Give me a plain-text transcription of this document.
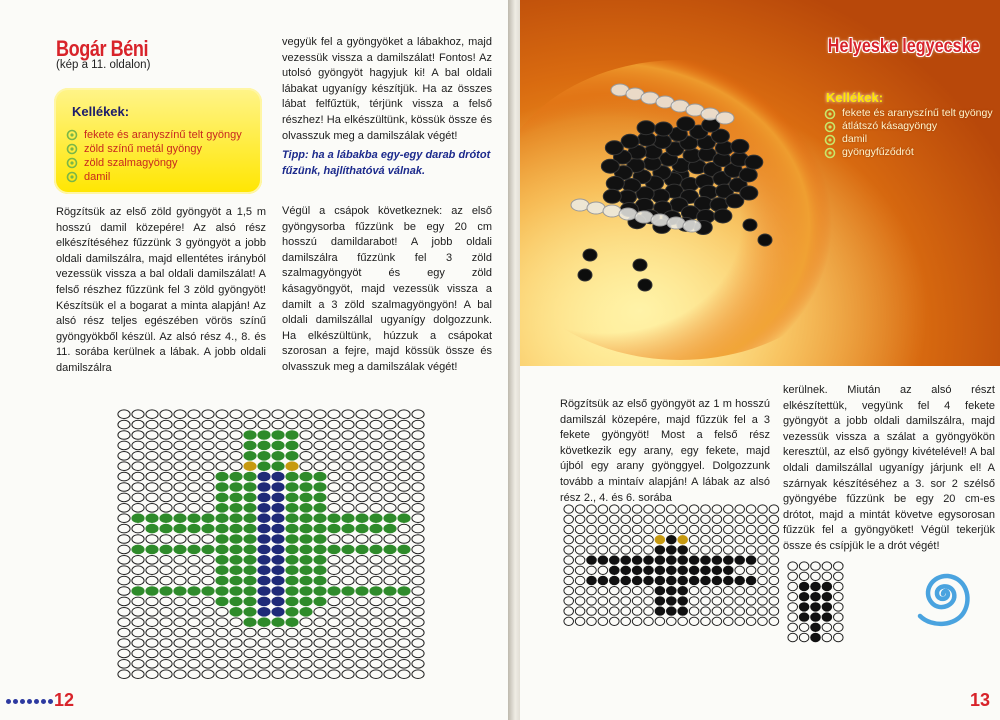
Bogár Béni
(kép a 11. oldalon)
Kellékek:
fekete és aranyszínű telt gyöngy
zöld színű metál gyöngy
zöld szalmagyöngy
damil
Rögzítsük az első zöld gyöngyöt a 1,5 m hosszú damil közepére! Az alsó rész elkészítéséhez fűzzünk 3 gyöngyöt a jobb oldali damilszálra, majd ellentétes irányból vezessük vissza a bal oldali damilszálat! A felső részhez fűzzünk fel 3 zöld gyöngyöt! Készítsük el a bogarat a minta alapján! Az alsó rész teljes egészében vörös színű gyöngyökből készül. Az alsó rész 4., 8. és 11. sorába kerülnek a lábak. A jobb oldali damilszálra
vegyük fel a gyöngyöket a lábakhoz, majd vezessük vissza a damilszálat! Fontos! Az utolsó gyöngyöt hagyjuk ki! A bal oldali lábakat ugyanígy készítjük. Ha az összes lábat felfűztük, térjünk vissza a felső részhez! Ha elkészültünk, kössük össze és olvasszuk meg a damilszálak végét!
Tipp: ha a lábakba egy-egy darab drótot fűzünk, hajlíthatóvá válnak.
Végül a csápok következnek: az első gyöngysorba fűzzünk be egy 20 cm hosszú damildarabot! A jobb oldali damilszálra fűzzünk fel 3 zöld szalmagyöngyöt és egy zöld kásagyöngyöt, majd vezessük vissza a damilt a 3 zöld szalmagyöngyön! A bal oldali damilszállal ugyanígy dolgozzunk. Ha elkészültünk, húzzuk a csápokat szorosan a fejre, majd kössük össze és olvasszuk meg a damilszálak végét!
12
Helyeske legyecske
Kellékek:
fekete és aranyszínű telt gyöngy
átlátszó kásagyöngy
damil
gyöngyfűződrót
Rögzítsük az első gyöngyöt az 1 m hosszú damilszál közepére, majd fűzzük fel a 3 fekete gyöngyöt! Most a felső rész következik egy arany, egy fekete, majd újból egy arany gyönggyel. Dolgozzunk tovább a mintaív alapján! A lábak az alsó rész 2., 4. és 6. sorába
kerülnek. Miután az alsó részt elkészítettük, vegyünk fel 4 fekete gyöngyöt a jobb oldali damilszálra, majd vezessük vissza a szálat a gyöngyökön keresztül, az első gyöngy kivételével! A bal oldali damilszállal ugyanígy járjunk el! A szárnyak készítéséhez a 3. sor 2 szélső gyöngyébe fűzzünk be egy 20 cm-es drótot, majd a mintát követve egysorosan fűzzük fel a gyöngyöket! Végül tekerjük össze és csípjük le a drót végét!
13
